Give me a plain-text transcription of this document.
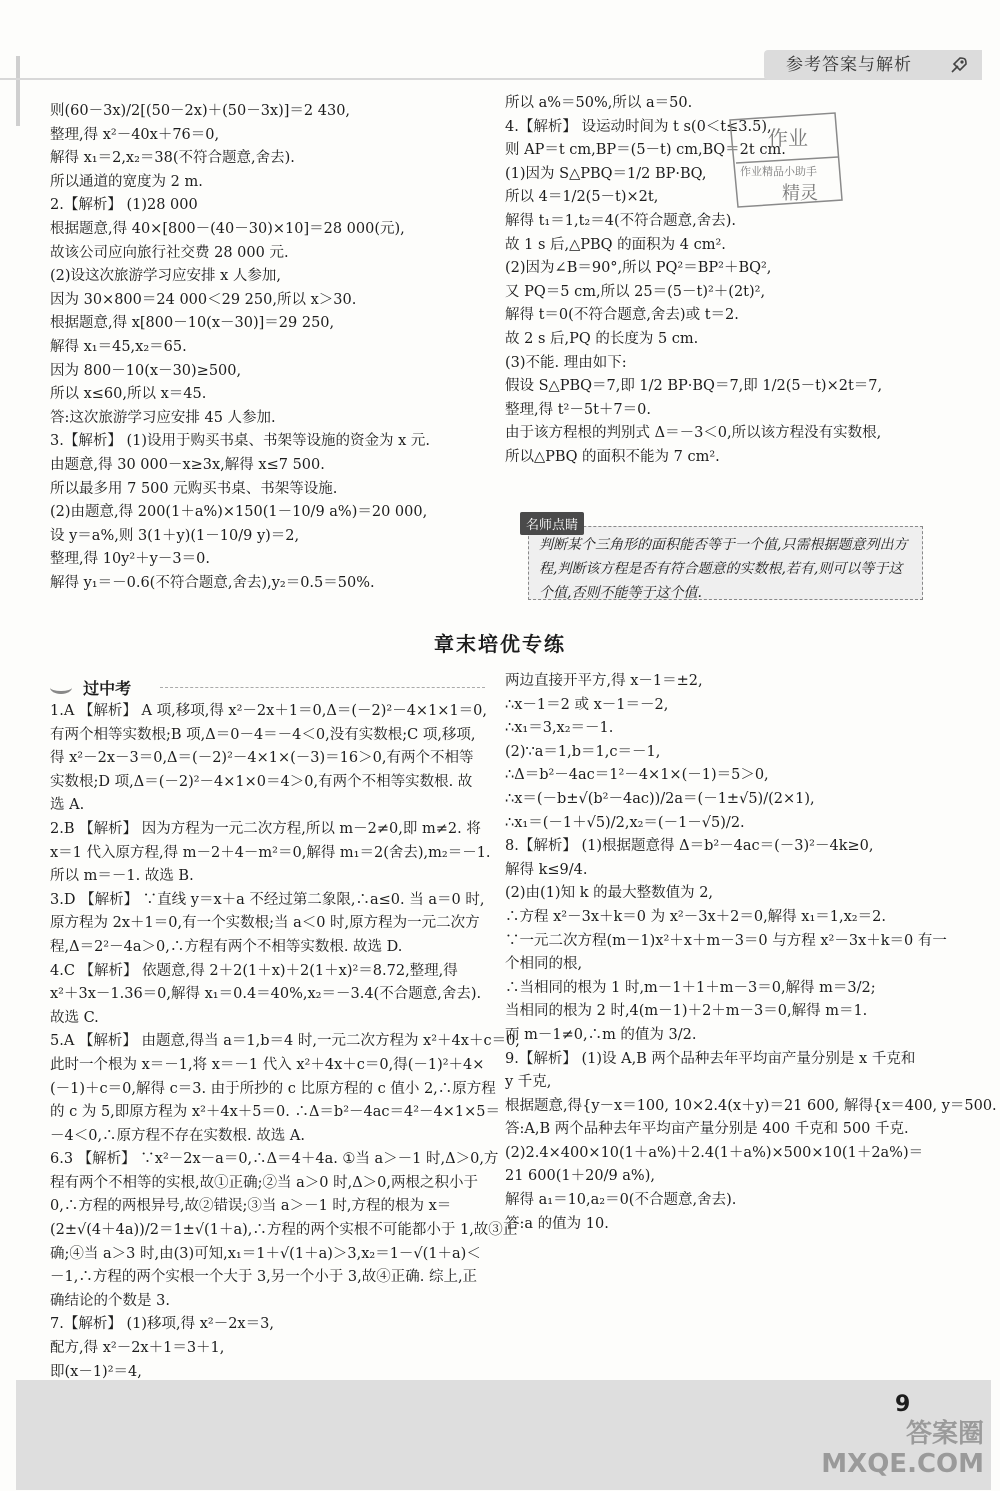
参考答案与解析
则(60－3x)/2[(50－2x)＋(50－3x)]＝2 430,
整理,得 x²－40x＋76＝0,
解得 x₁＝2,x₂＝38(不符合题意,舍去).
所以通道的宽度为 2 m.
2.【解析】 (1)28 000
根据题意,得 40×[800－(40－30)×10]＝28 000(元),
故该公司应向旅行社交费 28 000 元.
(2)设这次旅游学习应安排 x 人参加,
因为 30×800＝24 000＜29 250,所以 x＞30.
根据题意,得 x[800－10(x－30)]＝29 250,
解得 x₁＝45,x₂＝65.
因为 800－10(x－30)≥500,
所以 x≤60,所以 x＝45.
答:这次旅游学习应安排 45 人参加.
3.【解析】 (1)设用于购买书桌、书架等设施的资金为 x 元.
由题意,得 30 000－x≥3x,解得 x≤7 500.
所以最多用 7 500 元购买书桌、书架等设施.
(2)由题意,得 200(1＋a%)×150(1－10/9 a%)＝20 000,
设 y＝a%,则 3(1＋y)(1－10/9 y)＝2,
整理,得 10y²＋y－3＝0.
解得 y₁＝－0.6(不符合题意,舍去),y₂＝0.5＝50%.
所以 a%＝50%,所以 a＝50.
4.【解析】 设运动时间为 t s(0＜t≤3.5),
则 AP＝t cm,BP＝(5－t) cm,BQ＝2t cm.
(1)因为 S△PBQ＝1/2 BP·BQ,
所以 4＝1/2(5－t)×2t,
解得 t₁＝1,t₂＝4(不符合题意,舍去).
故 1 s 后,△PBQ 的面积为 4 cm².
(2)因为∠B＝90°,所以 PQ²＝BP²＋BQ²,
又 PQ＝5 cm,所以 25＝(5－t)²＋(2t)²,
解得 t＝0(不符合题意,舍去)或 t＝2.
故 2 s 后,PQ 的长度为 5 cm.
(3)不能. 理由如下:
假设 S△PBQ＝7,即 1/2 BP·BQ＝7,即 1/2(5－t)×2t＝7,
整理,得 t²－5t＋7＝0.
由于该方程根的判别式 Δ＝－3＜0,所以该方程没有实数根,
所以△PBQ 的面积不能为 7 cm².
作业
作业精品小助手
精灵
判断某个三角形的面积能否等于一个值,只需根据题意列出方程,判断该方程是否有符合题意的实数根,若有,则可以等于这个值,否则不能等于这个值.
名师点睛
章末培优专练
过中考
1.A 【解析】 A 项,移项,得 x²－2x＋1＝0,Δ＝(－2)²－4×1×1＝0,
有两个相等实数根;B 项,Δ＝0－4＝－4＜0,没有实数根;C 项,移项,
得 x²－2x－3＝0,Δ＝(－2)²－4×1×(－3)＝16＞0,有两个不相等
实数根;D 项,Δ＝(－2)²－4×1×0＝4＞0,有两个不相等实数根. 故
选 A.
2.B 【解析】 因为方程为一元二次方程,所以 m－2≠0,即 m≠2. 将
x＝1 代入原方程,得 m－2＋4－m²＝0,解得 m₁＝2(舍去),m₂＝－1.
所以 m＝－1. 故选 B.
3.D 【解析】 ∵直线 y＝x＋a 不经过第二象限,∴a≤0. 当 a＝0 时,
原方程为 2x＋1＝0,有一个实数根;当 a＜0 时,原方程为一元二次方
程,Δ＝2²－4a＞0,∴方程有两个不相等实数根. 故选 D.
4.C 【解析】 依题意,得 2＋2(1＋x)＋2(1＋x)²＝8.72,整理,得
x²＋3x－1.36＝0,解得 x₁＝0.4＝40%,x₂＝－3.4(不合题意,舍去).
故选 C.
5.A 【解析】 由题意,得当 a＝1,b＝4 时,一元二次方程为 x²＋4x＋c＝0,
此时一个根为 x＝－1,将 x＝－1 代入 x²＋4x＋c＝0,得(－1)²＋4×
(－1)＋c＝0,解得 c＝3. 由于所抄的 c 比原方程的 c 值小 2,∴原方程
的 c 为 5,即原方程为 x²＋4x＋5＝0. ∴Δ＝b²－4ac＝4²－4×1×5＝
－4＜0,∴原方程不存在实数根. 故选 A.
6.3 【解析】 ∵x²－2x－a＝0,∴Δ＝4＋4a. ①当 a＞－1 时,Δ＞0,方
程有两个不相等的实根,故①正确;②当 a＞0 时,Δ＞0,两根之积小于
0,∴方程的两根异号,故②错误;③当 a＞－1 时,方程的根为 x＝
(2±√(4＋4a))/2＝1±√(1＋a),∴方程的两个实根不可能都小于 1,故③正
确;④当 a＞3 时,由(3)可知,x₁＝1＋√(1＋a)＞3,x₂＝1－√(1＋a)＜
－1,∴方程的两个实根一个大于 3,另一个小于 3,故④正确. 综上,正
确结论的个数是 3.
7.【解析】 (1)移项,得 x²－2x＝3,
配方,得 x²－2x＋1＝3＋1,
即(x－1)²＝4,
两边直接开平方,得 x－1＝±2,
∴x－1＝2 或 x－1＝－2,
∴x₁＝3,x₂＝－1.
(2)∵a＝1,b＝1,c＝－1,
∴Δ＝b²－4ac＝1²－4×1×(－1)＝5＞0,
∴x＝(－b±√(b²－4ac))/2a＝(－1±√5)/(2×1),
∴x₁＝(－1＋√5)/2,x₂＝(－1－√5)/2.
8.【解析】 (1)根据题意得 Δ＝b²－4ac＝(－3)²－4k≥0,
解得 k≤9/4.
(2)由(1)知 k 的最大整数值为 2,
∴方程 x²－3x＋k＝0 为 x²－3x＋2＝0,解得 x₁＝1,x₂＝2.
∵一元二次方程(m－1)x²＋x＋m－3＝0 与方程 x²－3x＋k＝0 有一
个相同的根,
∴当相同的根为 1 时,m－1＋1＋m－3＝0,解得 m＝3/2;
当相同的根为 2 时,4(m－1)＋2＋m－3＝0,解得 m＝1.
而 m－1≠0,∴m 的值为 3/2.
9.【解析】 (1)设 A,B 两个品种去年平均亩产量分别是 x 千克和
y 千克,
根据题意,得{y－x＝100, 10×2.4(x＋y)＝21 600, 解得{x＝400, y＝500.
答:A,B 两个品种去年平均亩产量分别是 400 千克和 500 千克.
(2)2.4×400×10(1＋a%)＋2.4(1＋a%)×500×10(1＋2a%)＝
21 600(1＋20/9 a%),
解得 a₁＝10,a₂＝0(不合题意,舍去).
答:a 的值为 10.
9
答案圈
MXQE.COM
